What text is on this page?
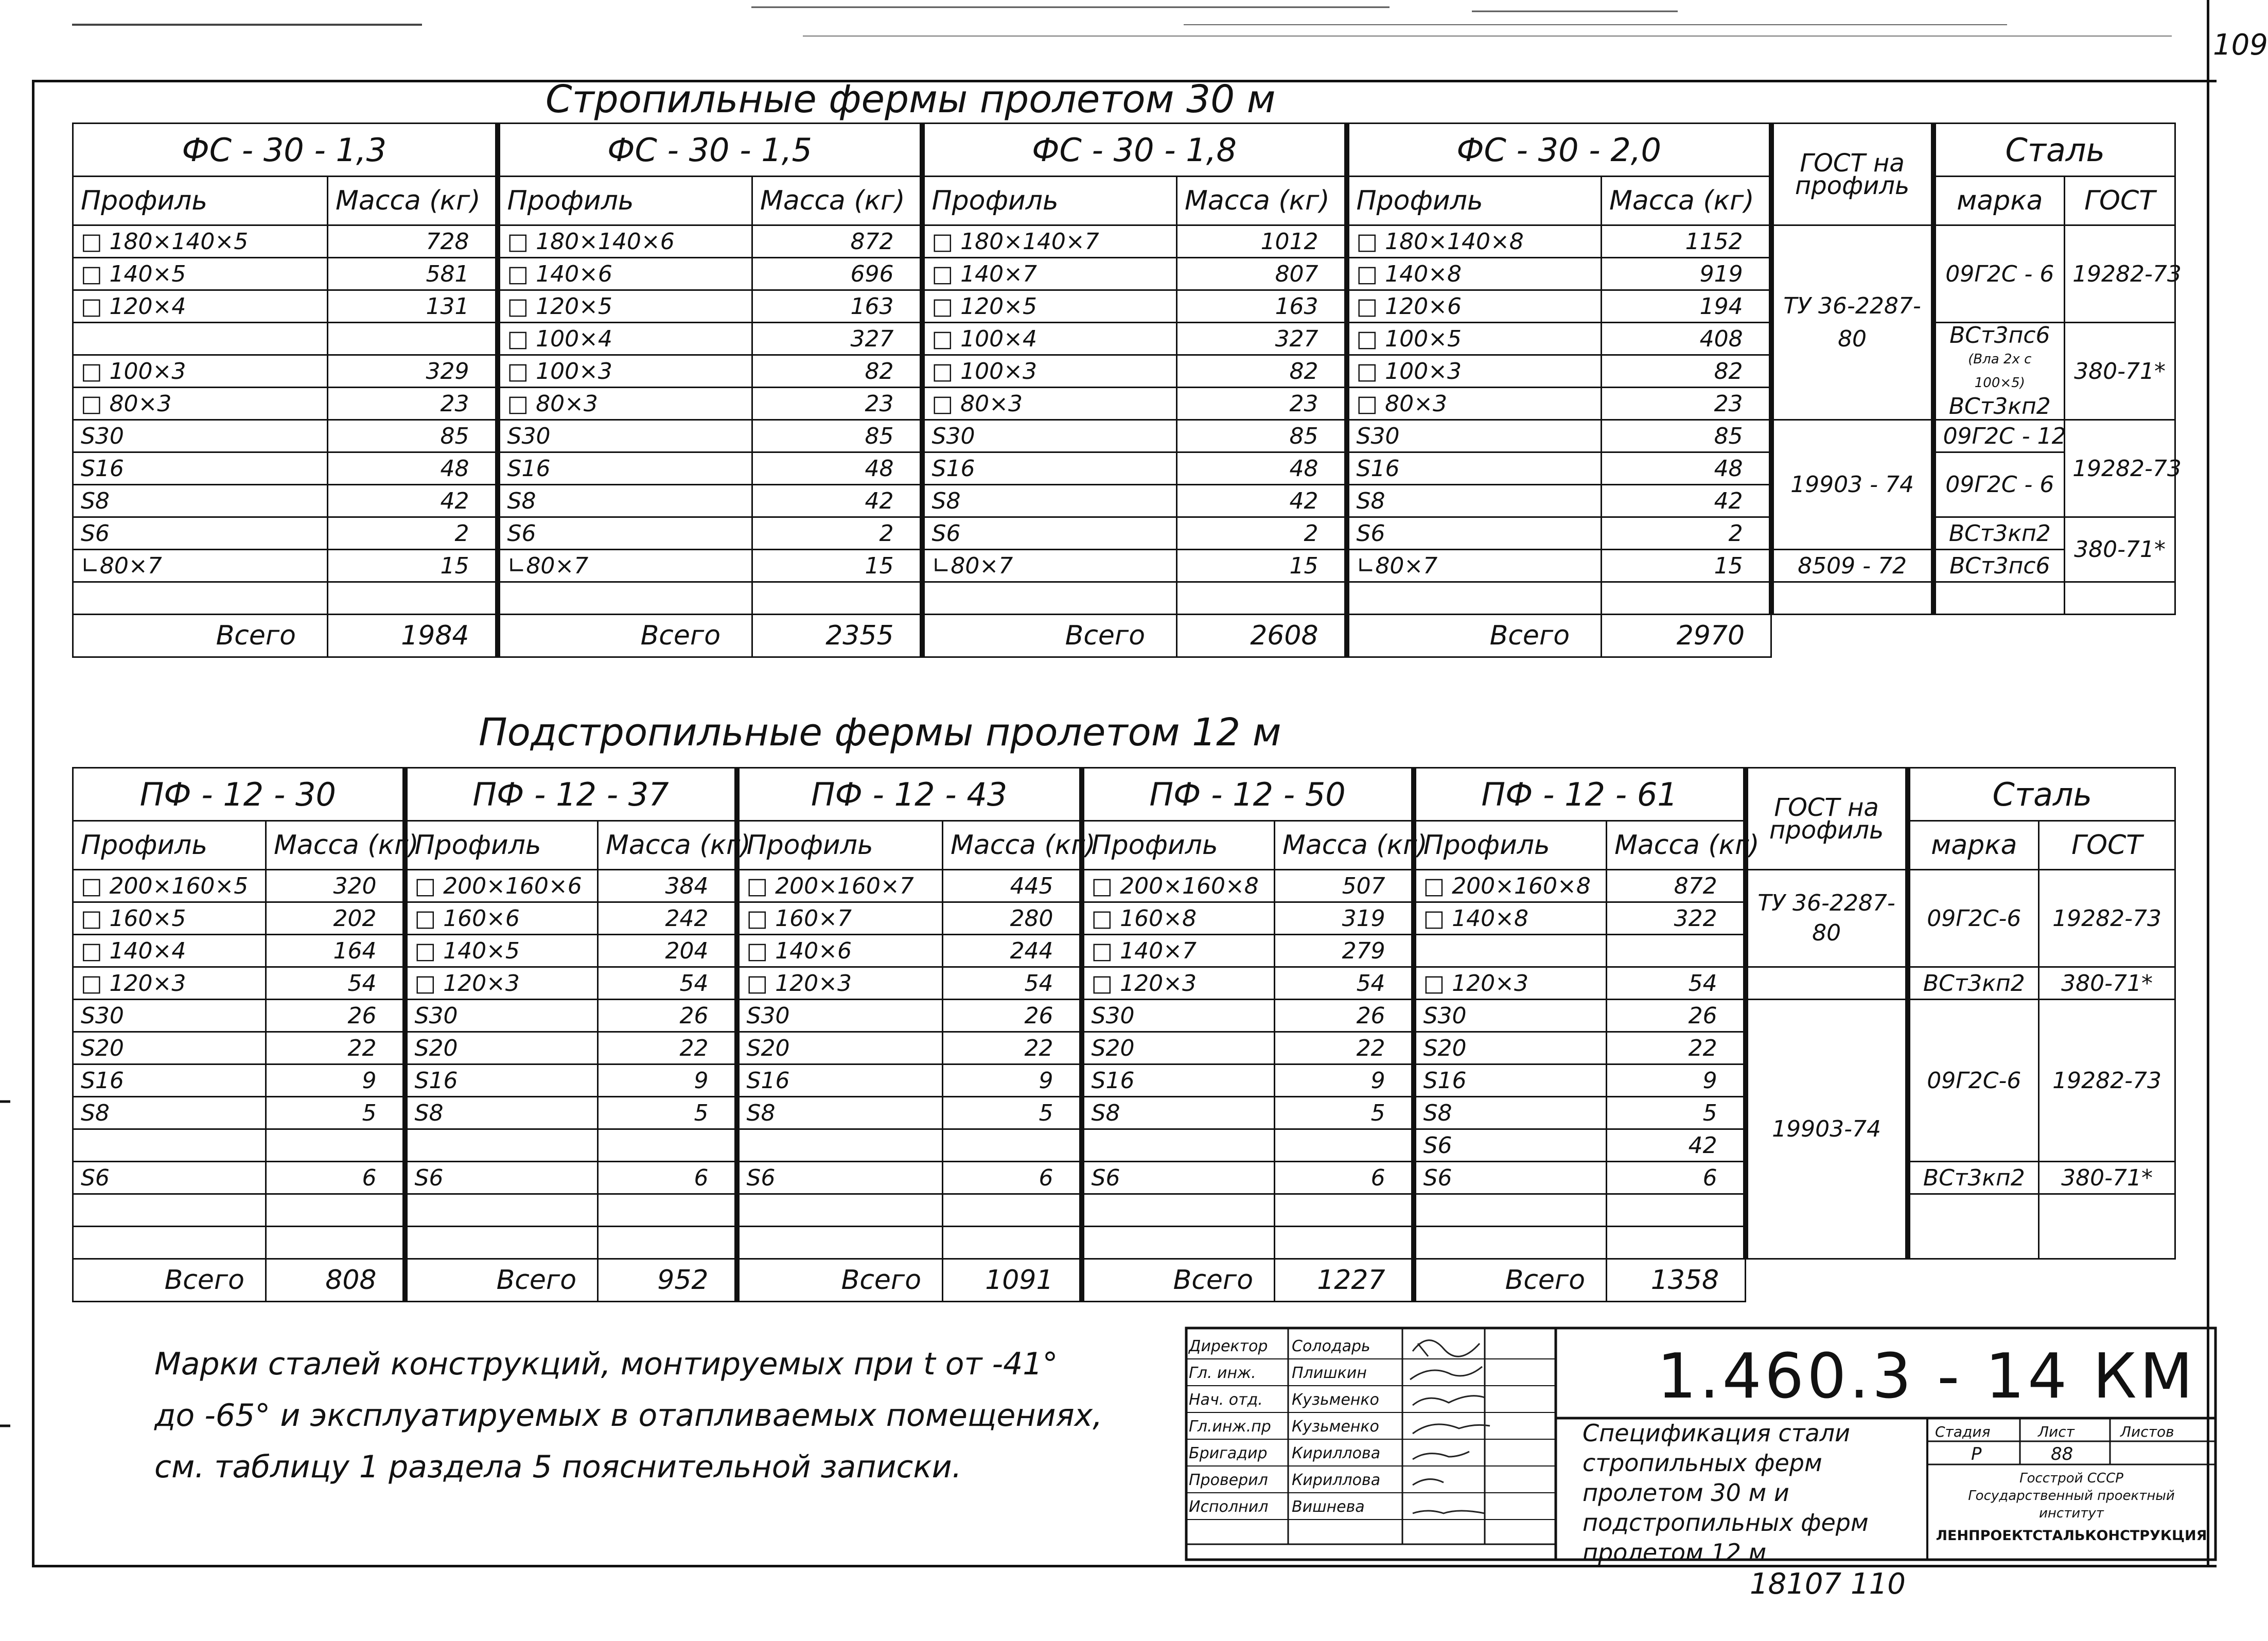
109
Стропильные фермы пролетом 30 м
ФС - 30 - 1,3		ФС - 30 - 1,5		ФС - 30 - 1,8		ФС - 30 - 2,0		ГОСТ на профиль	Сталь	
Профиль	Масса (кг)	Профиль	Масса (кг)	Профиль	Масса (кг)	Профиль	Масса (кг)		марка	ГОСТ
□ 180×140×5	728	□ 180×140×6	872	□ 180×140×7	1012	□ 180×140×8	1152	ТУ 36-2287-80	09Г2С - 6	19282-73
□ 140×5	581	□ 140×6	696	□ 140×7	807	□ 140×8	919			
□ 120×4	131	□ 120×5	163	□ 120×5	163	□ 120×6	194			
		□ 100×4	327	□ 100×4	327	□ 100×5	408		ВСт3пс6
(Вла 2х с 100×5)
ВСт3кп2	380-71*
□ 100×3	329	□ 100×3	82	□ 100×3	82	□ 100×3	82			
□ 80×3	23	□ 80×3	23	□ 80×3	23	□ 80×3	23			
S30	85	S30	85	S30	85	S30	85	19903 - 74	09Г2С - 12	19282-73
S16	48	S16	48	S16	48	S16	48		09Г2С - 6	
S8	42	S8	42	S8	42	S8	42			
S6	2	S6	2	S6	2	S6	2		ВСт3кп2	380-71*
∟80×7	15	∟80×7	15	∟80×7	15	∟80×7	15	8509 - 72	ВСт3пс6	

Всего	1984	Всего	2355	Всего	2608	Всего	2970			
Подстропильные фермы пролетом 12 м
ПФ - 12 - 30		ПФ - 12 - 37		ПФ - 12 - 43		ПФ - 12 - 50		ПФ - 12 - 61		ГОСТ на профиль	Сталь	
Профиль	Масса (кг)	Профиль	Масса (кг)	Профиль	Масса (кг)	Профиль	Масса (кг)	Профиль	Масса (кг)		марка	ГОСТ
□ 200×160×5	320	□ 200×160×6	384	□ 200×160×7	445	□ 200×160×8	507	□ 200×160×8	872	ТУ 36-2287-80	09Г2С-6	19282-73
□ 160×5	202	□ 160×6	242	□ 160×7	280	□ 160×8	319	□ 140×8	322			
□ 140×4	164	□ 140×5	204	□ 140×6	244	□ 140×7	279					
□ 120×3	54	□ 120×3	54	□ 120×3	54	□ 120×3	54	□ 120×3	54		ВСт3кп2	380-71*
S30	26	S30	26	S30	26	S30	26	S30	26	19903-74	09Г2С-6	19282-73
S20	22	S20	22	S20	22	S20	22	S20	22			
S16	9	S16	9	S16	9	S16	9	S16	9			
S8	5	S8	5	S8	5	S8	5	S8	5			
								S6	42			
S6	6	S6	6	S6	6	S6	6	S6	6		ВСт3кп2	380-71*

Всего	808	Всего	952	Всего	1091	Всего	1227	Всего	1358			
Марки сталей конструкций, монтируемых при t от -41°
до -65° и эксплуатируемых в отапливаемых помещениях,
см. таблицу 1 раздела 5 пояснительной записки.
Директор
Гл. инж.
Нач. отд.
Гл.инж.пр
Бригадир
Проверил
Исполнил
Солодарь
Плишкин
Кузьменко
Кузьменко
Кириллова
Кириллова
Вишнева
1.460.3 - 14 КМ
Спецификация стали
стропильных ферм
пролетом 30 м и
подстропильных ферм
пролетом 12 м
Стадия	Лист	Листов
Р	88
Госстрой СССР
Государственный проектный
институт
ЛЕНПРОЕКТСТАЛЬКОНСТРУКЦИЯ
18107 110
